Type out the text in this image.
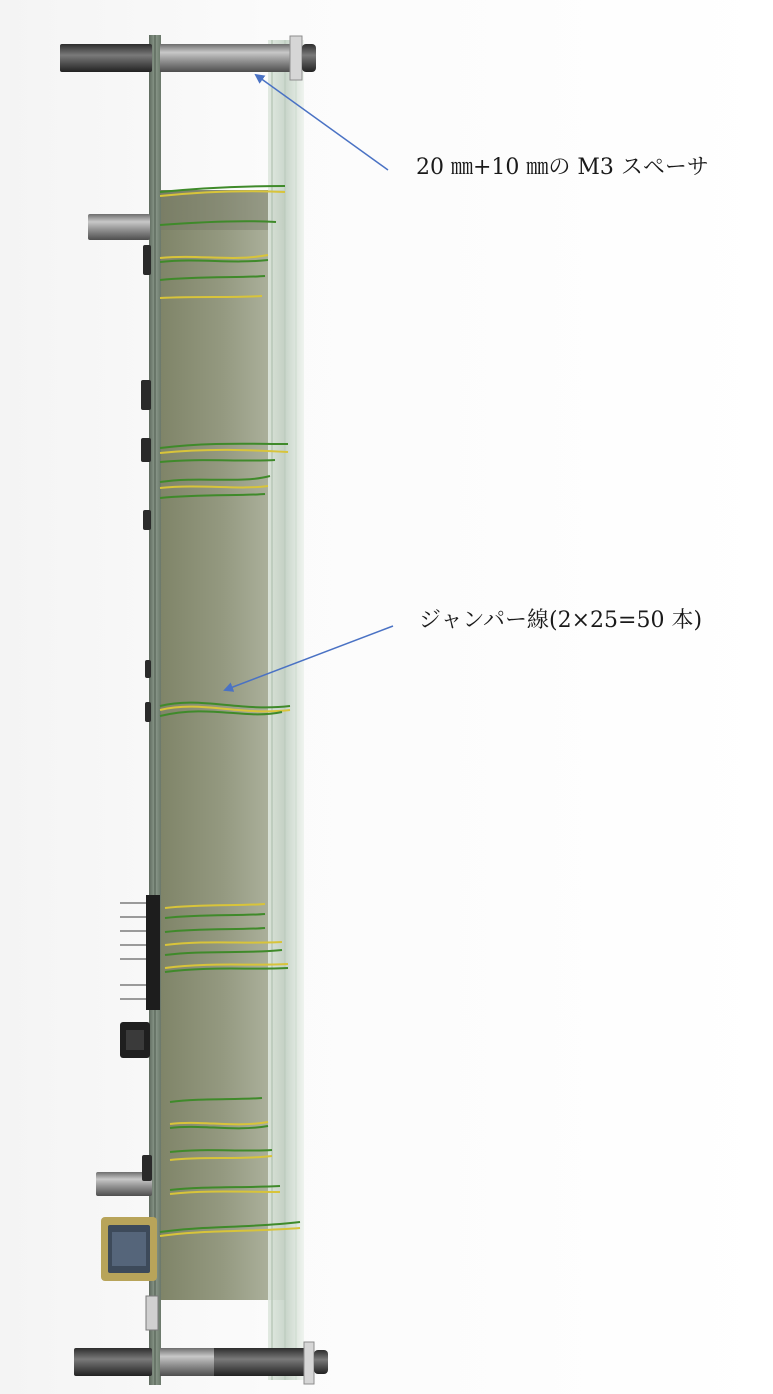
20 ㎜+10 ㎜の M3 スペーサ
ジャンパー線(2×25=50 本)
